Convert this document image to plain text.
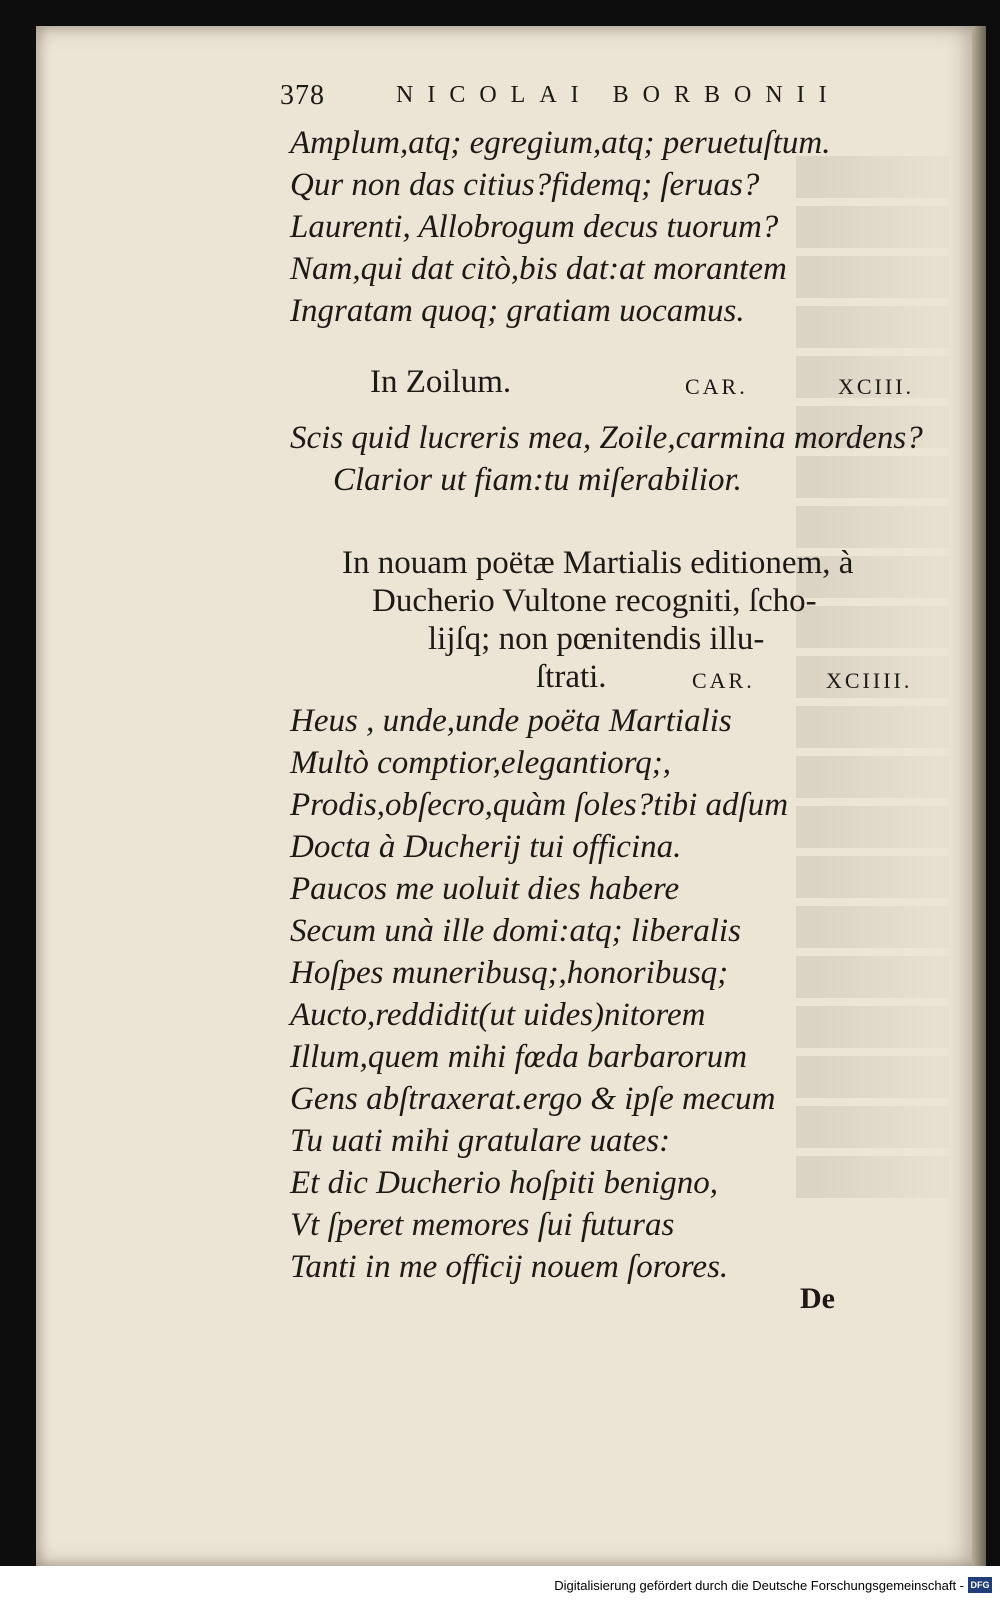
378	NICOLAI BORBONII
Amplum,atq; egregium,atq; peruetuſtum.
Qur non das citius?fidemq; ſeruas?
Laurenti, Allobrogum decus tuorum?
Nam,qui dat citò,bis dat:at morantem
Ingratam quoq; gratiam uocamus.
In Zoilum.	CAR.	XCIII.
Scis quid lucreris mea, Zoile,carmina mordens?
Clarior ut fiam:tu miſerabilior.
In nouam poëtæ Martialis editionem, à
Ducherio Vultone recogniti, ſcho-
lijſq; non pœnitendis illu-
ſtrati.	CAR.	XCIIII.
Heus , unde,unde poëta Martialis
Multò comptior,elegantiorq;,
Prodis,obſecro,quàm ſoles?tibi adſum
Docta à Ducherij tui officina.
Paucos me uoluit dies habere
Secum unà ille domi:atq; liberalis
Hoſpes muneribusq;,honoribusq;
Aucto,reddidit(ut uides)nitorem
Illum,quem mihi fœda barbarorum
Gens abſtraxerat.ergo & ipſe mecum
Tu uati mihi gratulare uates:
Et dic Ducherio hoſpiti benigno,
Vt ſperet memores ſui futuras
Tanti in me officij nouem ſorores.
De
Digitalisierung gefördert durch die Deutsche Forschungsgemeinschaft - DFG
